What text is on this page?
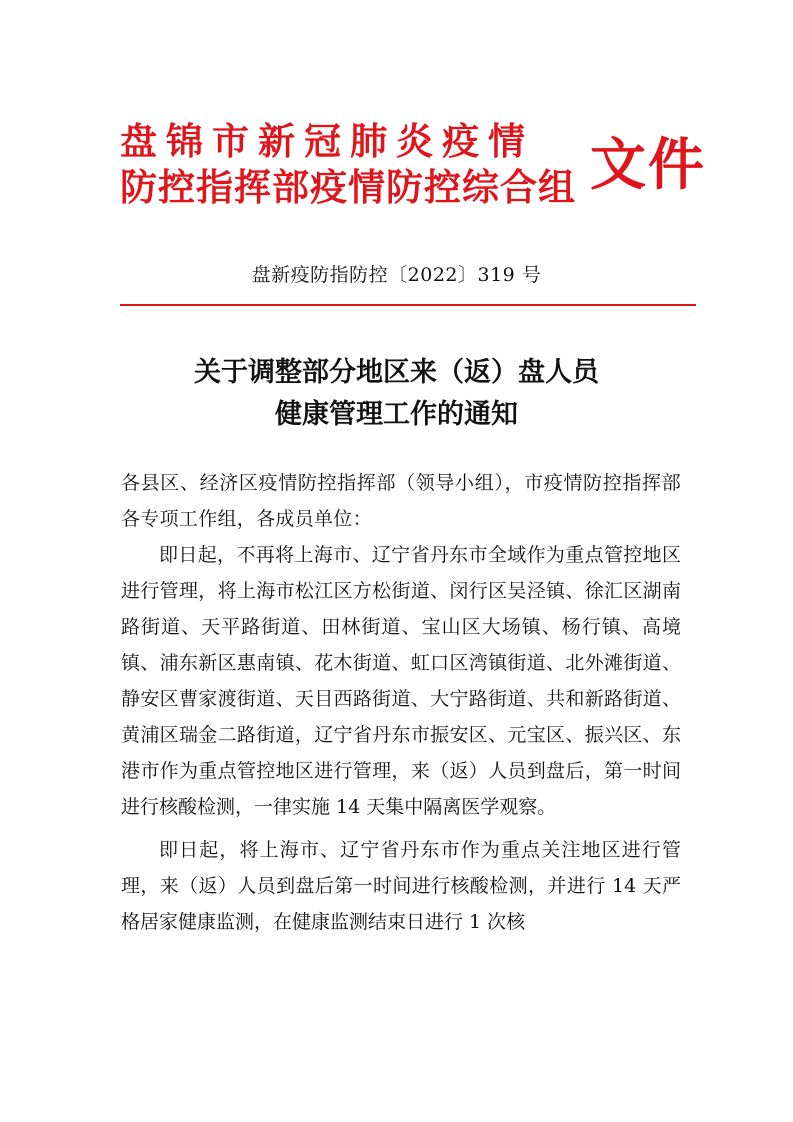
盘锦市新冠肺炎疫情
防控指挥部疫情防控综合组 文件
盘新疫防指防控〔2022〕319 号
关于调整部分地区来（返）盘人员
健康管理工作的通知

各县区、经济区疫情防控指挥部（领导小组），市疫情防控指挥部各专项工作组，各成员单位：

即日起，不再将上海市、辽宁省丹东市全域作为重点管控地区进行管理，将上海市松江区方松街道、闵行区吴泾镇、徐汇区湖南路街道、天平路街道、田林街道、宝山区大场镇、杨行镇、高境镇、浦东新区惠南镇、花木街道、虹口区湾镇街道、北外滩街道、静安区曹家渡街道、天目西路街道、大宁路街道、共和新路街道、黄浦区瑞金二路街道，辽宁省丹东市振安区、元宝区、振兴区、东港市作为重点管控地区进行管理，来（返）人员到盘后，第一时间进行核酸检测，一律实施 14 天集中隔离医学观察。

即日起，将上海市、辽宁省丹东市作为重点关注地区进行管理，来（返）人员到盘后第一时间进行核酸检测，并进行 14 天严格居家健康监测，在健康监测结束日进行 1 次核
